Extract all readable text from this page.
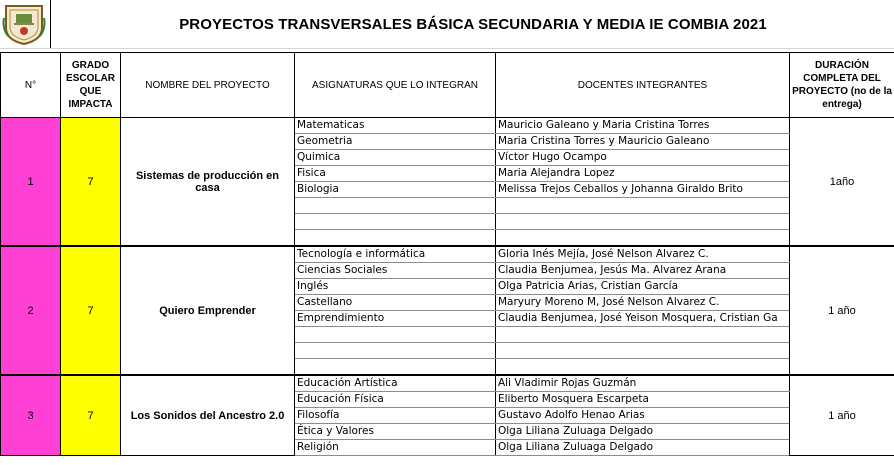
PROYECTOS TRANSVERSALES BÁSICA SECUNDARIA Y MEDIA IE COMBIA 2021
N°	GRADO ESCOLAR QUE IMPACTA	NOMBRE DEL PROYECTO	ASIGNATURAS QUE LO INTEGRAN	DOCENTES INTEGRANTES	DURACIÓN COMPLETA DEL PROYECTO (no de la entrega)
1	7	Sistemas de producción en casa	Matematicas	Mauricio Galeano y Maria Cristina Torres	1año
			Geometria	Maria Cristina Torres y Mauricio Galeano	
			Quimica	Víctor Hugo Ocampo	
			Fisica	Maria Alejandra Lopez	
			Biologia	Melissa Trejos Ceballos y Johanna Giraldo Brito	

2	7	Quiero Emprender	Tecnología e informática	Gloria Inés Mejía, José Nelson Alvarez C.	1 año
			Ciencias Sociales	Claudia Benjumea, Jesús Ma. Alvarez Arana	
			Inglés	Olga Patricia Arias, Cristian García	
			Castellano	Maryury Moreno M, José Nelson Alvarez C.	
			Emprendimiento	Claudia Benjumea, José Yeison Mosquera, Cristian Ga	

3	7	Los Sonidos del Ancestro 2.0	Educación Artística	Ali Vladimir Rojas Guzmán	1 año
			Educación Física	Eliberto Mosquera Escarpeta	
			Filosofía	Gustavo Adolfo Henao Arias	
			Ética y Valores	Olga Liliana Zuluaga Delgado	
			Religión	Olga Liliana Zuluaga Delgado	
